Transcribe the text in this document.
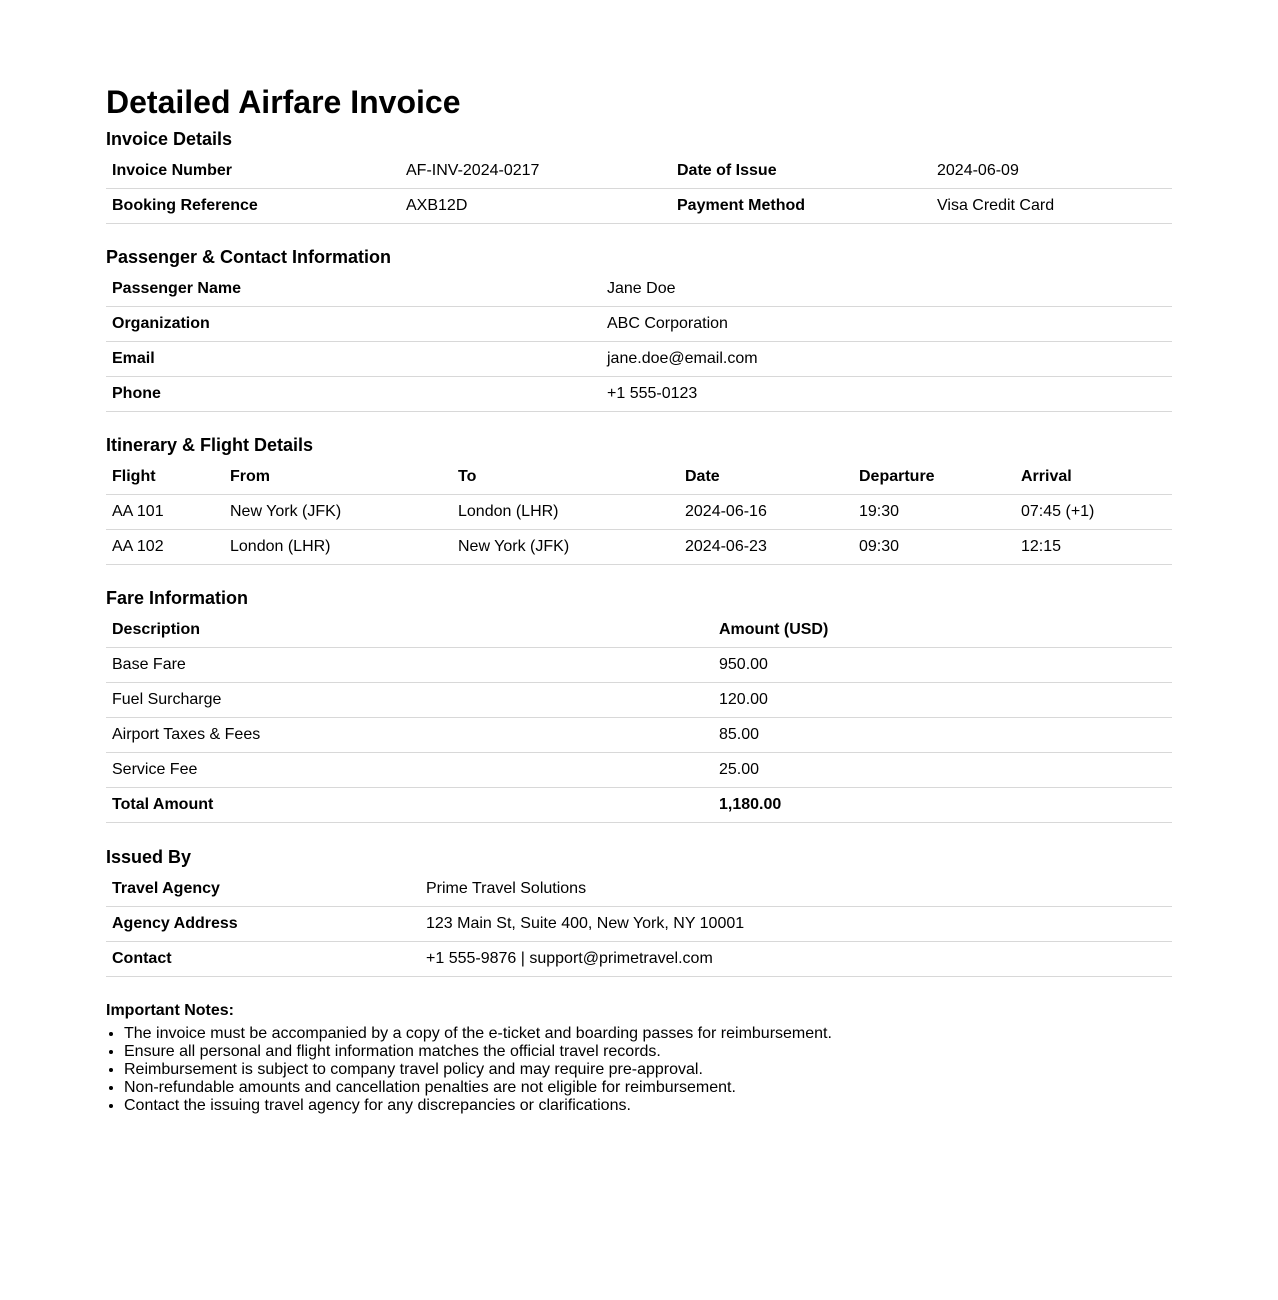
Detailed Airfare Invoice
Invoice Details
Invoice Number	AF-INV-2024-0217	Date of Issue	2024-06-09
Booking Reference	AXB12D	Payment Method	Visa Credit Card
Passenger & Contact Information
Passenger Name	Jane Doe
Organization	ABC Corporation
Email	jane.doe@email.com
Phone	+1 555-0123
Itinerary & Flight Details
Flight	From	To	Date	Departure	Arrival
AA 101	New York (JFK)	London (LHR)	2024-06-16	19:30	07:45 (+1)
AA 102	London (LHR)	New York (JFK)	2024-06-23	09:30	12:15
Fare Information
Description	Amount (USD)
Base Fare	950.00
Fuel Surcharge	120.00
Airport Taxes & Fees	85.00
Service Fee	25.00
Total Amount	1,180.00
Issued By
Travel Agency	Prime Travel Solutions
Agency Address	123 Main St, Suite 400, New York, NY 10001
Contact	+1 555-9876 | support@primetravel.com

Important Notes:

• The invoice must be accompanied by a copy of the e-ticket and boarding passes for reimbursement.
• Ensure all personal and flight information matches the official travel records.
• Reimbursement is subject to company travel policy and may require pre-approval.
• Non-refundable amounts and cancellation penalties are not eligible for reimbursement.
• Contact the issuing travel agency for any discrepancies or clarifications.
